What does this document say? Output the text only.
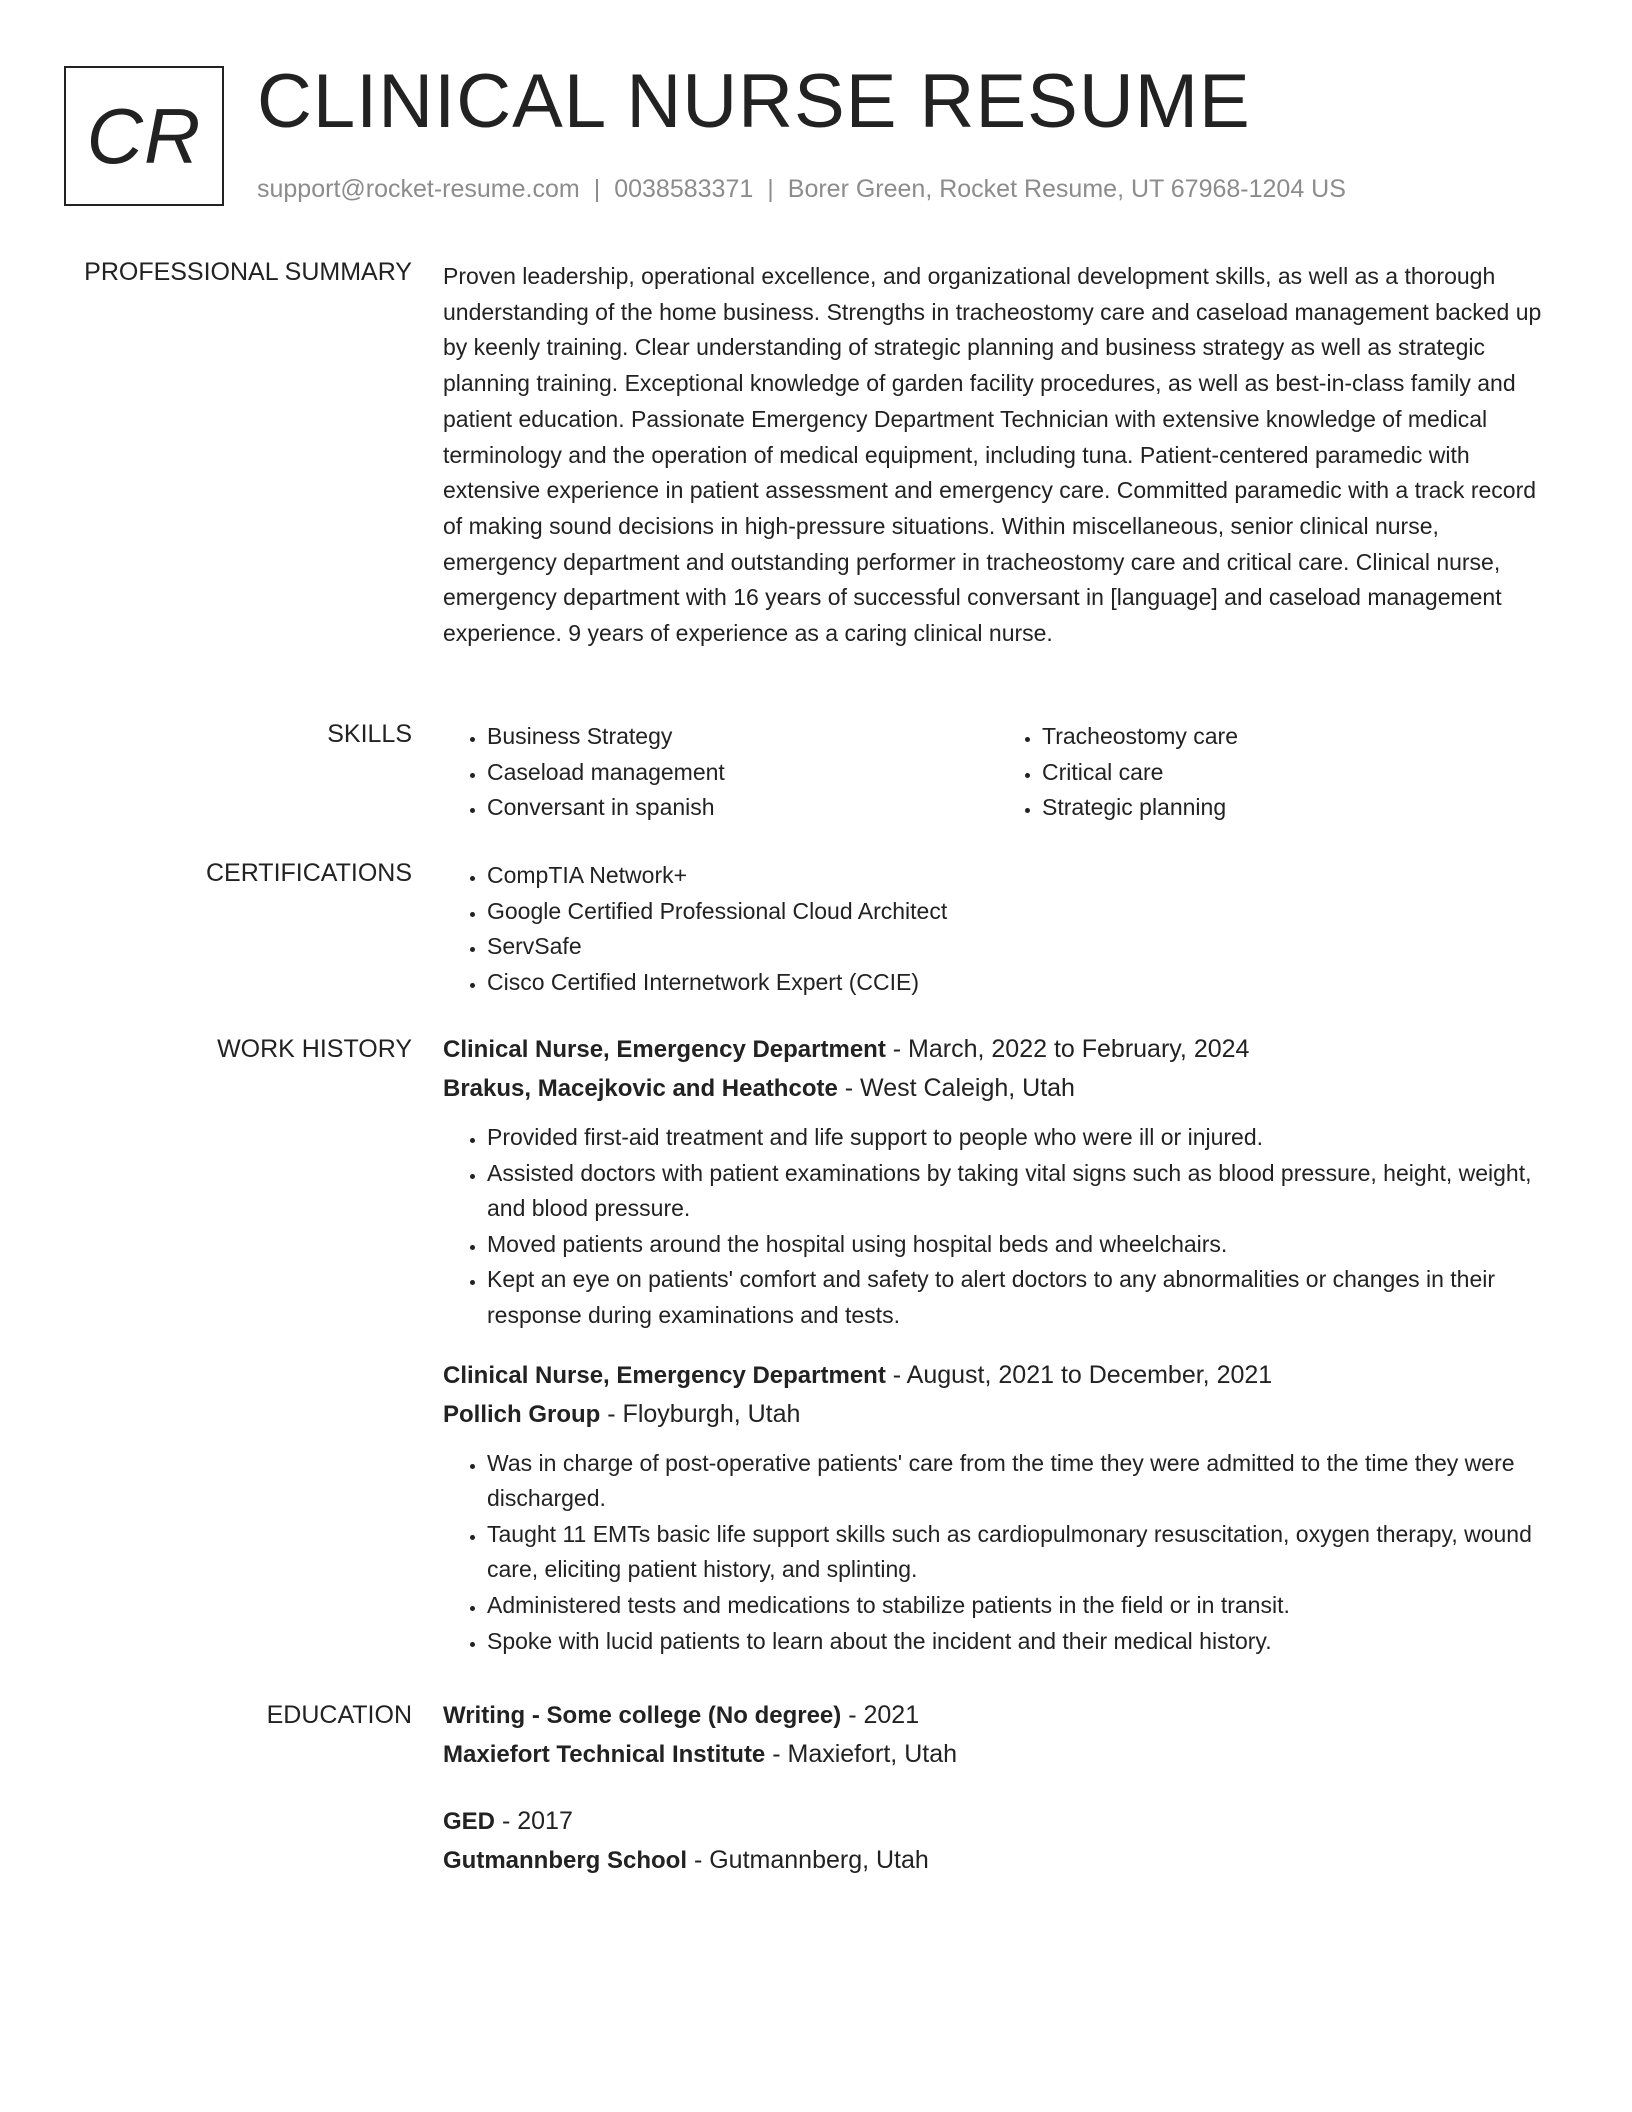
CR CLINICAL NURSE RESUME
support@rocket-resume.com | 0038583371 | Borer Green, Rocket Resume, UT 67968-1204 US
PROFESSIONAL SUMMARY Proven leadership, operational excellence, and organizational development skills, as well as a thorough understanding of the home business. Strengths in tracheostomy care and caseload management backed up by keenly training. Clear understanding of strategic planning and business strategy as well as strategic planning training. Exceptional knowledge of garden facility procedures, as well as best-in-class family and patient education. Passionate Emergency Department Technician with extensive knowledge of medical terminology and the operation of medical equipment, including tuna. Patient-centered paramedic with extensive experience in patient assessment and emergency care. Committed paramedic with a track record of making sound decisions in high-pressure situations. Within miscellaneous, senior clinical nurse, emergency department and outstanding performer in tracheostomy care and critical care. Clinical nurse, emergency department with 16 years of successful conversant in [language] and caseload management experience. 9 years of experience as a caring clinical nurse.

SKILLS	• Business Strategy
• Caseload management
• Conversant in spanish
• Tracheostomy care
• Critical care
• Strategic planning
CERTIFICATIONS	• CompTIA Network+
• Google Certified Professional Cloud Architect
• ServSafe
• Cisco Certified Internetwork Expert (CCIE)
WORK HISTORY Clinical Nurse, Emergency Department - March, 2022 to February, 2024

Brakus, Macejkovic and Heathcote - West Caleigh, Utah

• Provided first-aid treatment and life support to people who were ill or injured.
• Assisted doctors with patient examinations by taking vital signs such as blood pressure, height, weight, and blood pressure.
• Moved patients around the hospital using hospital beds and wheelchairs.
• Kept an eye on patients' comfort and safety to alert doctors to any abnormalities or changes in their response during examinations and tests.

Clinical Nurse, Emergency Department - August, 2021 to December, 2021

Pollich Group - Floyburgh, Utah

• Was in charge of post-operative patients' care from the time they were admitted to the time they were discharged.
• Taught 11 EMTs basic life support skills such as cardiopulmonary resuscitation, oxygen therapy, wound care, eliciting patient history, and splinting.
• Administered tests and medications to stabilize patients in the field or in transit.
• Spoke with lucid patients to learn about the incident and their medical history.
EDUCATION Writing - Some college (No degree) - 2021

Maxiefort Technical Institute - Maxiefort, Utah

GED - 2017

Gutmannberg School - Gutmannberg, Utah
